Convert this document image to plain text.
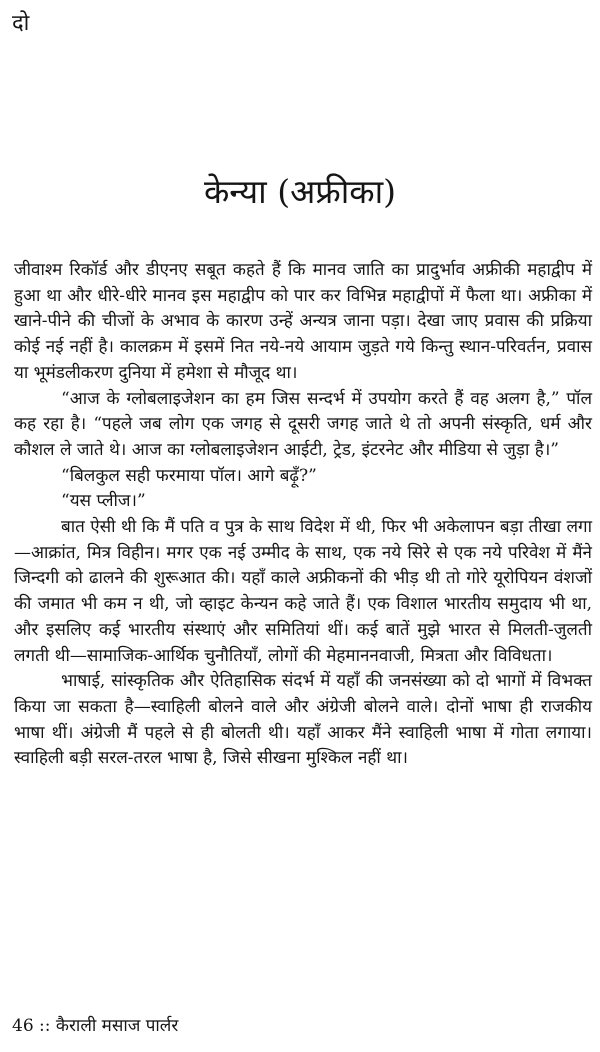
दो
केन्या (अफ्रीका)

जीवाश्म रिकॉर्ड और डीएनए सबूत कहते हैं कि मानव जाति का प्रादुर्भाव अफ्रीकी महाद्वीप में हुआ था और धीरे-धीरे मानव इस महाद्वीप को पार कर विभिन्न महाद्वीपों में फैला था। अफ्रीका में खाने-पीने की चीजों के अभाव के कारण उन्हें अन्यत्र जाना पड़ा। देखा जाए प्रवास की प्रक्रिया कोई नई नहीं है। कालक्रम में इसमें नित नये-नये आयाम जुड़ते गये किन्तु स्थान-परिवर्तन, प्रवास या भूमंडलीकरण दुनिया में हमेशा से मौजूद था।

“आज के ग्लोबलाइजेशन का हम जिस सन्दर्भ में उपयोग करते हैं वह अलग है,” पॉल कह रहा है। “पहले जब लोग एक जगह से दूसरी जगह जाते थे तो अपनी संस्कृति, धर्म और कौशल ले जाते थे। आज का ग्लोबलाइजेशन आईटी, ट्रेड, इंटरनेट और मीडिया से जुड़ा है।”

“बिलकुल सही फरमाया पॉल। आगे बढ़ूँ?”

“यस प्लीज।”

बात ऐसी थी कि मैं पति व पुत्र के साथ विदेश में थी, फिर भी अकेलापन बड़ा तीखा लगा—आक्रांत, मित्र विहीन। मगर एक नई उम्मीद के साथ, एक नये सिरे से एक नये परिवेश में मैंने जिन्दगी को ढालने की शुरूआत की। यहाँ काले अफ्रीकनों की भीड़ थी तो गोरे यूरोपियन वंशजों की जमात भी कम न थी, जो व्हाइट केन्यन कहे जाते हैं। एक विशाल भारतीय समुदाय भी था, और इसलिए कई भारतीय संस्थाएं और समितियां थीं। कई बातें मुझे भारत से मिलती-जुलती लगती थी—सामाजिक-आर्थिक चुनौतियाँ, लोगों की मेहमाननवाजी, मित्रता और विविधता।

भाषाई, सांस्कृतिक और ऐतिहासिक संदर्भ में यहाँ की जनसंख्या को दो भागों में विभक्त किया जा सकता है—स्वाहिली बोलने वाले और अंग्रेजी बोलने वाले। दोनों भाषा ही राजकीय भाषा थीं। अंग्रेजी मैं पहले से ही बोलती थी। यहाँ आकर मैंने स्वाहिली भाषा में गोता लगाया। स्वाहिली बड़ी सरल-तरल भाषा है, जिसे सीखना मुश्किल नहीं था।

46 :: कैराली मसाज पार्लर
